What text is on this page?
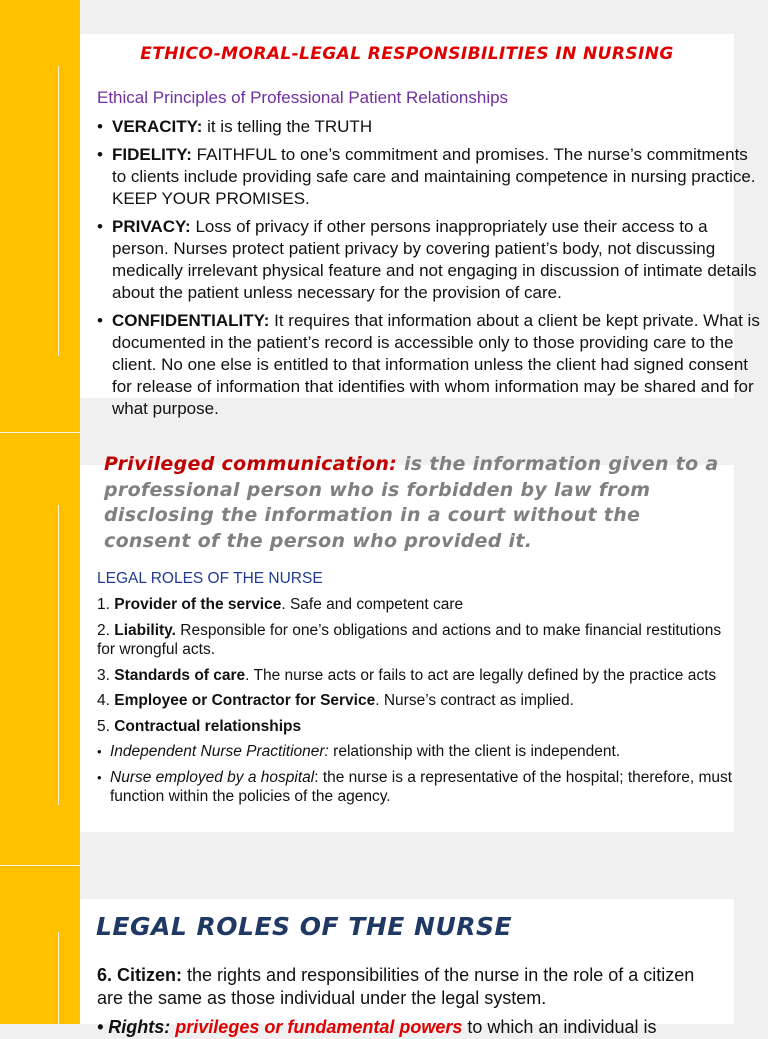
ETHICO-MORAL-LEGAL RESPONSIBILITIES IN NURSING
Ethical Principles of Professional Patient Relationships
• VERACITY: it is telling the TRUTH
• FIDELITY: FAITHFUL to one’s commitment and promises. The nurse’s commitments to clients include providing safe care and maintaining competence in nursing practice. KEEP YOUR PROMISES.
• PRIVACY: Loss of privacy if other persons inappropriately use their access to a person. Nurses protect patient privacy by covering patient’s body, not discussing medically irrelevant physical feature and not engaging in discussion of intimate details about the patient unless necessary for the provision of care.
• CONFIDENTIALITY: It requires that information about a client be kept private. What is documented in the patient’s record is accessible only to those providing care to the client. No one else is entitled to that information unless the client had signed consent for release of information that identifies with whom information may be shared and for what purpose.
Privileged communication: is the information given to a professional person who is forbidden by law from disclosing the information in a court without the consent of the person who provided it.
LEGAL ROLES OF THE NURSE
1. Provider of the service. Safe and competent care
2. Liability. Responsible for one’s obligations and actions and to make financial restitutions for wrongful acts.
3. Standards of care. The nurse acts or fails to act are legally defined by the practice acts
4. Employee or Contractor for Service. Nurse’s contract as implied.
5. Contractual relationships
• Independent Nurse Practitioner: relationship with the client is independent.
• Nurse employed by a hospital: the nurse is a representative of the hospital; therefore, must function within the policies of the agency.
LEGAL ROLES OF THE NURSE
6. Citizen: the rights and responsibilities of the nurse in the role of a citizen are the same as those individual under the legal system.
• Rights: privileges or fundamental powers to which an individual is
